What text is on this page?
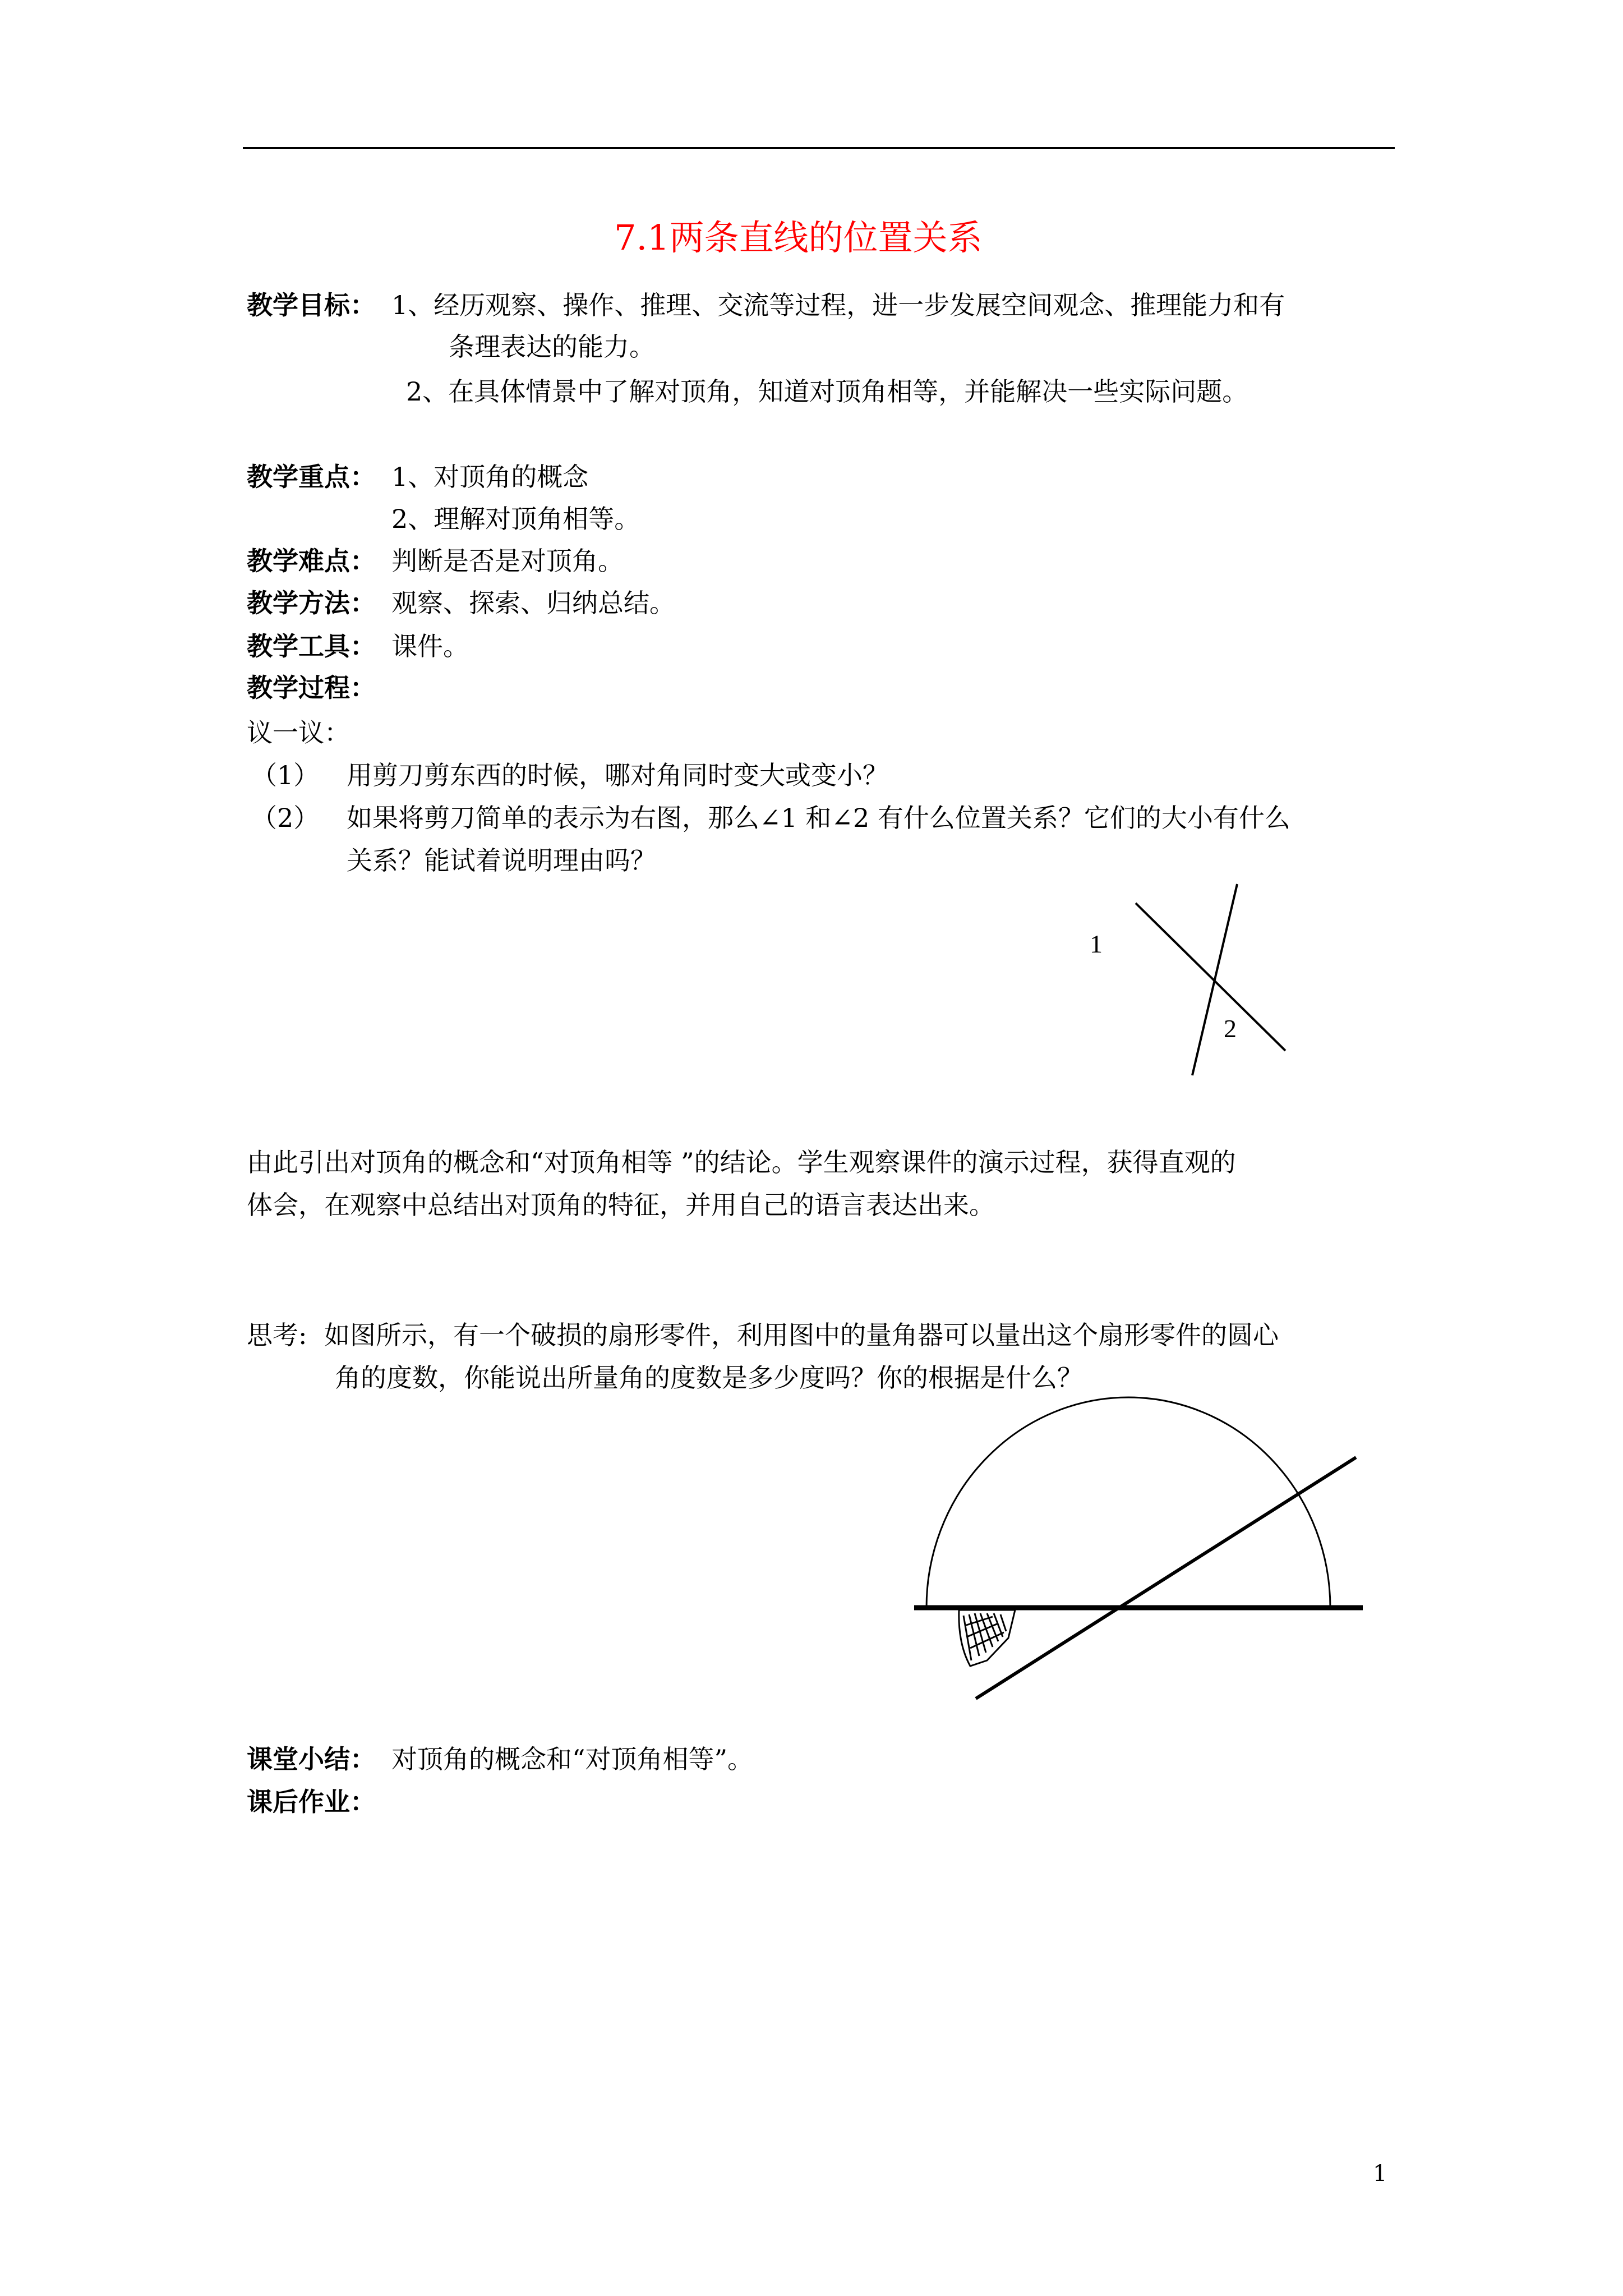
7.1两条直线的位置关系
教学目标： 1、经历观察、操作、推理、交流等过程，进一步发展空间观念、推理能力和有
条理表达的能力。
2、在具体情景中了解对顶角，知道对顶角相等，并能解决一些实际问题。
教学重点： 1、对顶角的概念
2、理解对顶角相等。
教学难点： 判断是否是对顶角。
教学方法： 观察、探索、归纳总结。
教学工具： 课件。
教学过程：
议一议：
（1） 用剪刀剪东西的时候，哪对角同时变大或变小？
（2） 如果将剪刀简单的表示为右图，那么∠1 和∠2 有什么位置关系？它们的大小有什么
关系？能试着说明理由吗？
1
2
由此引出对顶角的概念和“对顶角相等 ”的结论。学生观察课件的演示过程，获得直观的
体会，在观察中总结出对顶角的特征，并用自己的语言表达出来。
思考: 如图所示，有一个破损的扇形零件，利用图中的量角器可以量出这个扇形零件的圆心
角的度数，你能说出所量角的度数是多少度吗？你的根据是什么？
课堂小结： 对顶角的概念和“对顶角相等”。
课后作业：
1
